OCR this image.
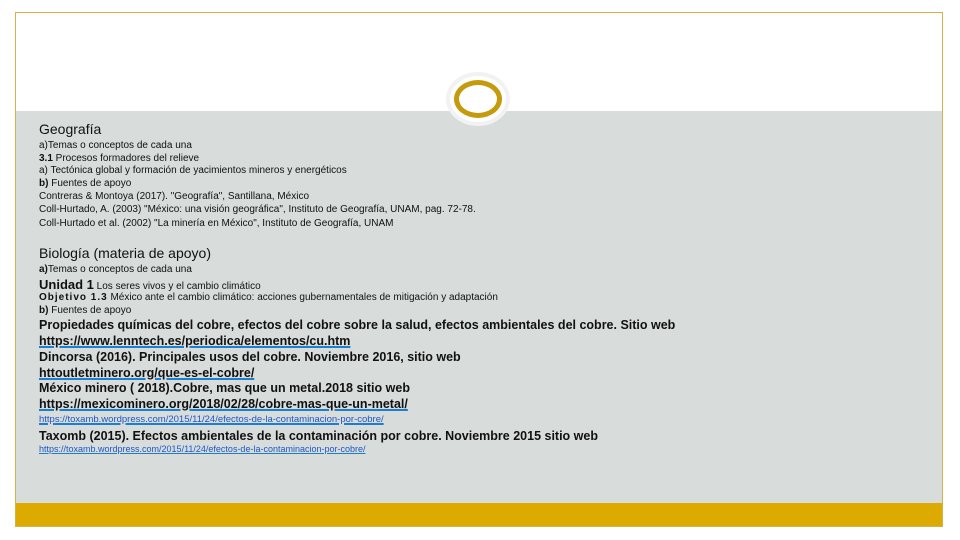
Geografía
a)Temas o conceptos de cada una
3.1 Procesos formadores del relieve
a) Tectónica global y formación de yacimientos mineros y energéticos
b) Fuentes de apoyo
Contreras & Montoya (2017). "Geografía", Santillana, México
Coll-Hurtado, A. (2003) "México: una visión geográfica", Instituto de Geografía, UNAM, pag. 72-78.
Coll-Hurtado et al. (2002) "La minería en México", Instituto de Geografía, UNAM
Biología (materia de apoyo)
a)Temas o conceptos de cada una
Unidad 1 Los seres vivos y el cambio climático
Objetivo 1.3 México ante el cambio climático: acciones gubernamentales de mitigación y adaptación
b) Fuentes de apoyo
Propiedades químicas del cobre, efectos del cobre sobre la salud, efectos ambientales del cobre. Sitio web
https://www.lenntech.es/periodica/elementos/cu.htm
Dincorsa (2016). Principales usos del cobre. Noviembre 2016, sitio web
httoutletminero.org/que-es-el-cobre/
México minero ( 2018).Cobre, mas que un metal.2018 sitio web
https://mexicominero.org/2018/02/28/cobre-mas-que-un-metal/
https://toxamb.wordpress.com/2015/11/24/efectos-de-la-contaminacion-por-cobre/
Taxomb (2015). Efectos ambientales de la contaminación por cobre. Noviembre 2015 sitio web
https://toxamb.wordpress.com/2015/11/24/efectos-de-la-contaminacion-por-cobre/
